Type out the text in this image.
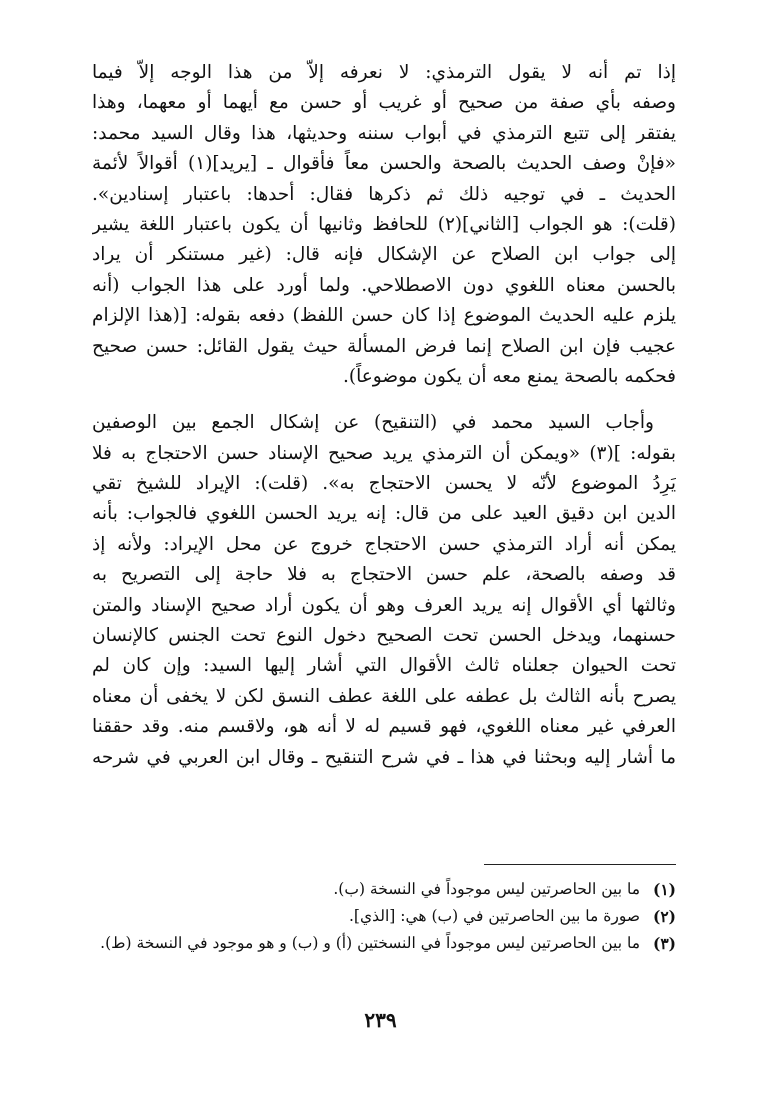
إذا تم أنه لا يقول الترمذي: لا نعرفه إلاّ من هذا الوجه إلاّ فيما
وصفه بأي صفة من صحيح أو غريب أو حسن مع أيهما أو معهما، وهذا
يفتقر إلى تتبع الترمذي في أبواب سننه وحديثها، هذا وقال السيد محمد:
«فإنْ وصف الحديث بالصحة والحسن معاً فأقوال ـ [يريد](١) أقوالاً لأئمة
الحديث ـ في توجيه ذلك ثم ذكرها فقال: أحدها: باعتبار إسنادين».
(قلت): هو الجواب [الثاني](٢) للحافظ وثانيها أن يكون باعتبار اللغة يشير
إلى جواب ابن الصلاح عن الإشكال فإنه قال: (غير مستنكر أن يراد
بالحسن معناه اللغوي دون الاصطلاحي. ولما أورد على هذا الجواب (أنه
يلزم عليه الحديث الموضوع إذا كان حسن اللفظ) دفعه بقوله: [(هذا الإلزام
عجيب فإن ابن الصلاح إنما فرض المسألة حيث يقول القائل: حسن صحيح
فحكمه بالصحة يمنع معه أن يكون موضوعاً).
وأجاب السيد محمد في (التنقيح) عن إشكال الجمع بين الوصفين
بقوله: ](٣) «ويمكن أن الترمذي يريد صحيح الإسناد حسن الاحتجاج به فلا
يَرِدُ الموضوع لأنّه لا يحسن الاحتجاج به». (قلت): الإيراد للشيخ تقي
الدين ابن دقيق العيد على من قال: إنه يريد الحسن اللغوي فالجواب: بأنه
يمكن أنه أراد الترمذي حسن الاحتجاج خروج عن محل الإيراد: ولأنه إذ
قد وصفه بالصحة، علم حسن الاحتجاج به فلا حاجة إلى التصريح به
وثالثها أي الأقوال إنه يريد العرف وهو أن يكون أراد صحيح الإسناد والمتن
حسنهما، ويدخل الحسن تحت الصحيح دخول النوع تحت الجنس كالإنسان
تحت الحيوان جعلناه ثالث الأقوال التي أشار إليها السيد: وإن كان لم
يصرح بأنه الثالث بل عطفه على اللغة عطف النسق لكن لا يخفى أن معناه
العرفي غير معناه اللغوي، فهو قسيم له لا أنه هو، ولاقسم منه. وقد حققنا
ما أشار إليه وبحثنا في هذا ـ في شرح التنقيح ـ وقال ابن العربي في شرحه
(١)
ما بين الحاصرتين ليس موجوداً في النسخة (ب).
(٢)
صورة ما بين الحاصرتين في (ب) هي: [الذي].
(٣)
ما بين الحاصرتين ليس موجوداً في النسختين (أ) و (ب) و هو موجود في النسخة (ط).
٢٣٩
